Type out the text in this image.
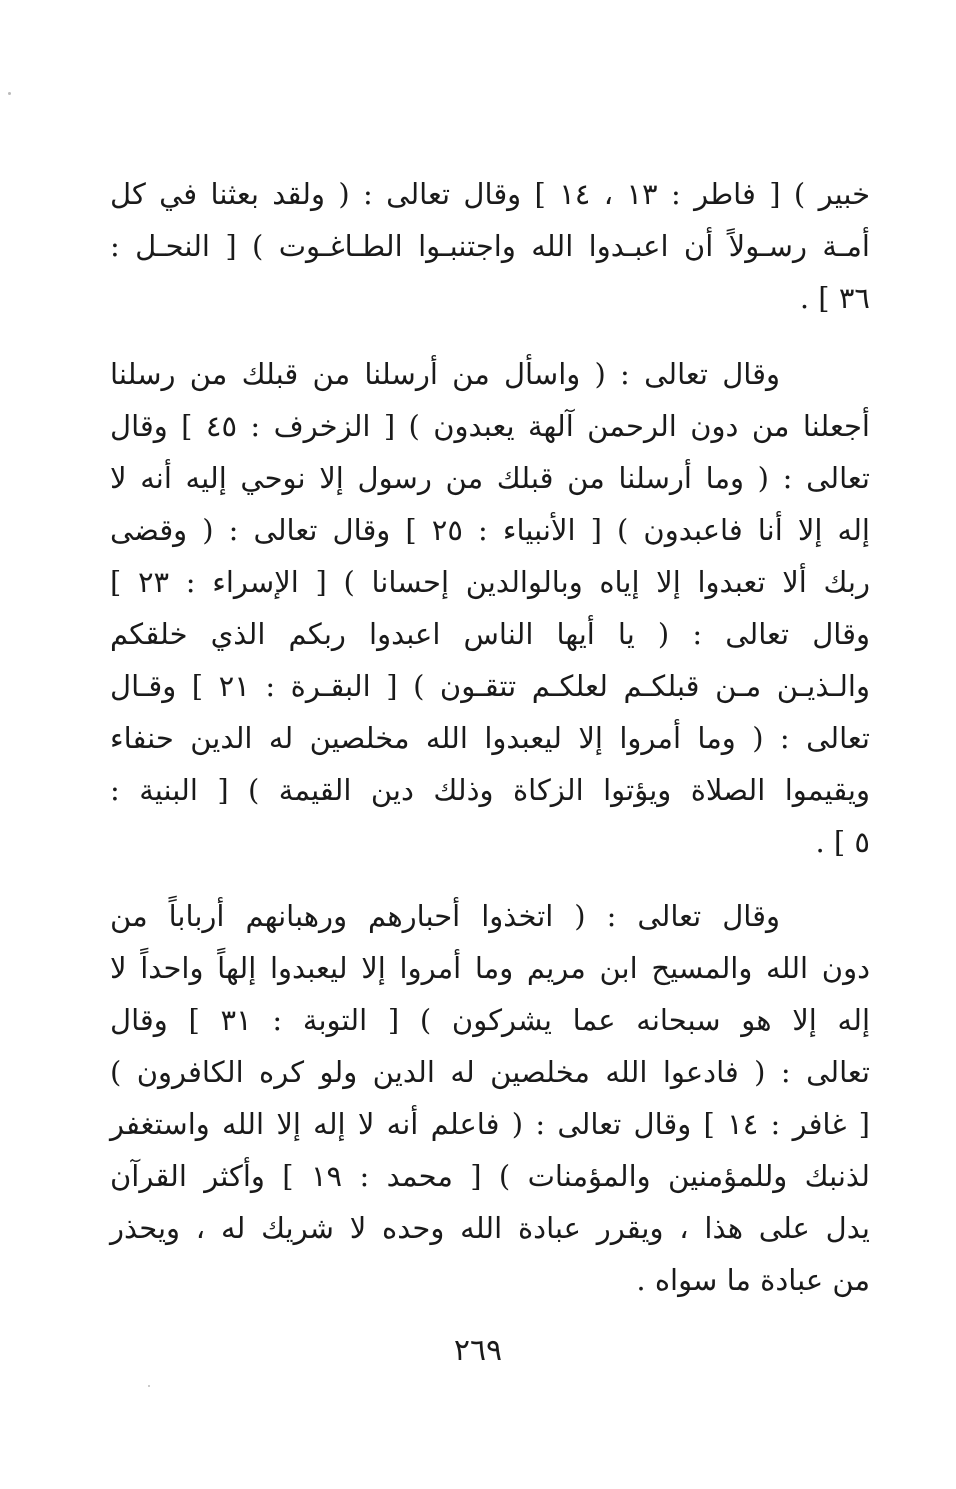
خبير ) [ فاطر : ١٣ ، ١٤ ] وقال تعالى : ( ولقد بعثنا في كل
أمـة رسـولاً أن اعبـدوا الله واجتنبـوا الطـاغـوت ) [ النحـل :
٣٦ ] .
وقال تعالى : ( واسأل من أرسلنا من قبلك من رسلنا
أجعلنا من دون الرحمن آلهة يعبدون ) [ الزخرف : ٤٥ ] وقال
تعالى : ( وما أرسلنا من قبلك من رسول إلا نوحي إليه أنه لا
إله إلا أنا فاعبدون ) [ الأنبياء : ٢٥ ] وقال تعالى : ( وقضى
ربك ألا تعبدوا إلا إياه وبالوالدين إحسانا ) [ الإسراء : ٢٣ ]
وقال تعالى : ( يا أيها الناس اعبدوا ربكم الذي خلقكم
والـذيـن مـن قبلكـم لعلكـم تتقـون ) [ البقـرة : ٢١ ] وقـال
تعالى : ( وما أمروا إلا ليعبدوا الله مخلصين له الدين حنفاء
ويقيموا الصلاة ويؤتوا الزكاة وذلك دين القيمة ) [ البنية :
٥ ] .
وقال تعالى : ( اتخذوا أحبارهم ورهبانهم أرباباً من
دون الله والمسيح ابن مريم وما أمروا إلا ليعبدوا إلهاً واحداً لا
إله إلا هو سبحانه عما يشركون ) [ التوبة : ٣١ ] وقال
تعالى : ( فادعوا الله مخلصين له الدين ولو كره الكافرون )
[ غافر : ١٤ ] وقال تعالى : ( فاعلم أنه لا إله إلا الله واستغفر
لذنبك وللمؤمنين والمؤمنات ) [ محمد : ١٩ ] وأكثر القرآن
يدل على هذا ، ويقرر عبادة الله وحده لا شريك له ، ويحذر
من عبادة ما سواه .
٢٦٩
